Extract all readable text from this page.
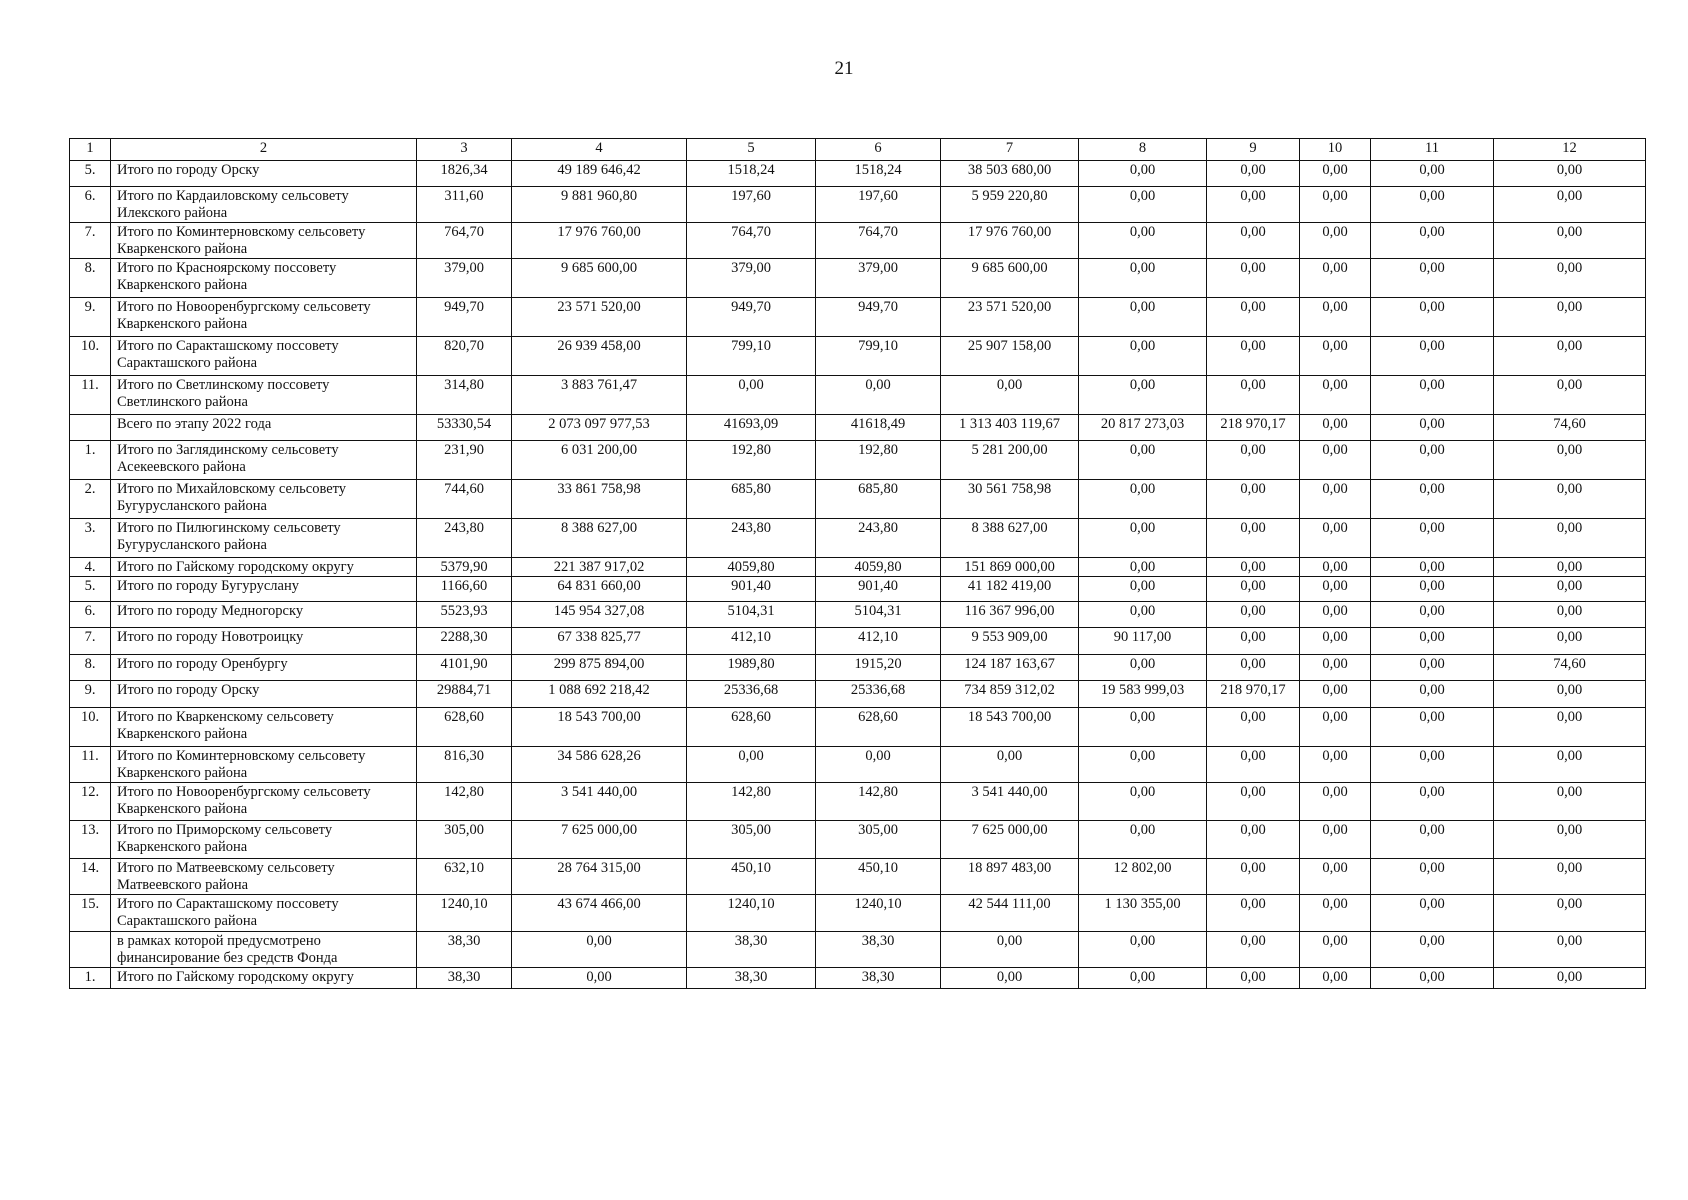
21
1	2	3	4	5	6	7	8	9	10	11	12
5.	Итого по городу Орску	1826,34	49 189 646,42	1518,24	1518,24	38 503 680,00	0,00	0,00	0,00	0,00	0,00
6.	Итого по Кардаиловскому сельсовету Илекского района	311,60	9 881 960,80	197,60	197,60	5 959 220,80	0,00	0,00	0,00	0,00	0,00
7.	Итого по Коминтерновскому сельсовету Кваркенского района	764,70	17 976 760,00	764,70	764,70	17 976 760,00	0,00	0,00	0,00	0,00	0,00
8.	Итого по Красноярскому поссовету Кваркенского района	379,00	9 685 600,00	379,00	379,00	9 685 600,00	0,00	0,00	0,00	0,00	0,00
9.	Итого по Новооренбургскому сельсовету Кваркенского района	949,70	23 571 520,00	949,70	949,70	23 571 520,00	0,00	0,00	0,00	0,00	0,00
10.	Итого по Саракташскому поссовету Саракташского района	820,70	26 939 458,00	799,10	799,10	25 907 158,00	0,00	0,00	0,00	0,00	0,00
11.	Итого по Светлинскому поссовету Светлинского района	314,80	3 883 761,47	0,00	0,00	0,00	0,00	0,00	0,00	0,00	0,00
	Всего по этапу 2022 года	53330,54	2 073 097 977,53	41693,09	41618,49	1 313 403 119,67	20 817 273,03	218 970,17	0,00	0,00	74,60
1.	Итого по Заглядинскому сельсовету Асекеевского района	231,90	6 031 200,00	192,80	192,80	5 281 200,00	0,00	0,00	0,00	0,00	0,00
2.	Итого по Михайловскому сельсовету Бугурусланского района	744,60	33 861 758,98	685,80	685,80	30 561 758,98	0,00	0,00	0,00	0,00	0,00
3.	Итого по Пилюгинскому сельсовету Бугурусланского района	243,80	8 388 627,00	243,80	243,80	8 388 627,00	0,00	0,00	0,00	0,00	0,00
4.	Итого по Гайскому городскому округу	5379,90	221 387 917,02	4059,80	4059,80	151 869 000,00	0,00	0,00	0,00	0,00	0,00
5.	Итого по городу Бугуруслану	1166,60	64 831 660,00	901,40	901,40	41 182 419,00	0,00	0,00	0,00	0,00	0,00
6.	Итого по городу Медногорску	5523,93	145 954 327,08	5104,31	5104,31	116 367 996,00	0,00	0,00	0,00	0,00	0,00
7.	Итого по городу Новотроицку	2288,30	67 338 825,77	412,10	412,10	9 553 909,00	90 117,00	0,00	0,00	0,00	0,00
8.	Итого по городу Оренбургу	4101,90	299 875 894,00	1989,80	1915,20	124 187 163,67	0,00	0,00	0,00	0,00	74,60
9.	Итого по городу Орску	29884,71	1 088 692 218,42	25336,68	25336,68	734 859 312,02	19 583 999,03	218 970,17	0,00	0,00	0,00
10.	Итого по Кваркенскому сельсовету Кваркенского района	628,60	18 543 700,00	628,60	628,60	18 543 700,00	0,00	0,00	0,00	0,00	0,00
11.	Итого по Коминтерновскому сельсовету Кваркенского района	816,30	34 586 628,26	0,00	0,00	0,00	0,00	0,00	0,00	0,00	0,00
12.	Итого по Новооренбургскому сельсовету Кваркенского района	142,80	3 541 440,00	142,80	142,80	3 541 440,00	0,00	0,00	0,00	0,00	0,00
13.	Итого по Приморскому сельсовету Кваркенского района	305,00	7 625 000,00	305,00	305,00	7 625 000,00	0,00	0,00	0,00	0,00	0,00
14.	Итого по Матвеевскому сельсовету Матвеевского района	632,10	28 764 315,00	450,10	450,10	18 897 483,00	12 802,00	0,00	0,00	0,00	0,00
15.	Итого по Саракташскому поссовету Саракташского района	1240,10	43 674 466,00	1240,10	1240,10	42 544 111,00	1 130 355,00	0,00	0,00	0,00	0,00
	в рамках которой предусмотрено финансирование без средств Фонда	38,30	0,00	38,30	38,30	0,00	0,00	0,00	0,00	0,00	0,00
1.	Итого по Гайскому городскому округу	38,30	0,00	38,30	38,30	0,00	0,00	0,00	0,00	0,00	0,00
